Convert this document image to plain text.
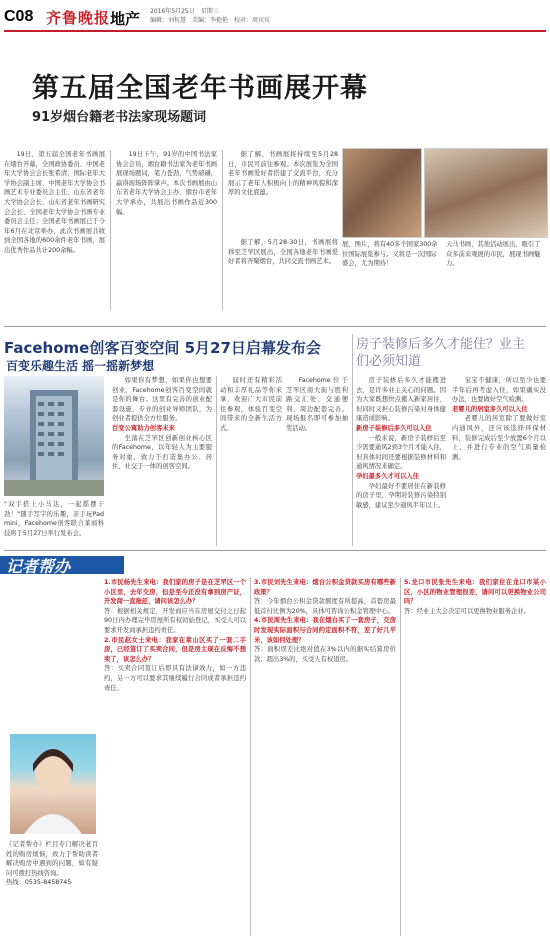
C08 齐鲁晚报 地产 2016年5月25日　星期三
编辑：刘杭慧　美编：李艳艳　校对：周宾宾
第五届全国老年书画展开幕
91岁烟台籍老书法家现场题词

19日，第五届全国老年书画展在烟台开幕，全国政协委员、中国老年大学协会会长张希清，国际老年大学协会副主席、中国老年大学协会书画艺术专业委员会主任、山东省老年大学协会会长、山东省老年书画研究会会长、全国老年大学协会书画专业委员会主任；全国老年书画展已于今年6月在北京举办，此次书画展共收到全国各地的600余件老年书画，展出优秀作品共计200余幅。

19日下午，91岁的中国书法家协会会员，烟台籍书法家为老年书画展现场题词，笔力苍劲，气势磅礴，赢得现场阵阵掌声。本次书画展由山东省老年大学协会主办，烟台市老年大学承办，共展出书画作品近300幅。

据了解，书画展将持续至5月28日，市民可前往参观。本次展览为全国老年书画爱好者搭建了交流平台，充分展示了老年人积极向上的精神风貌和深厚的文化底蕴。

据了解，5月28-30日，书画展将移至芝罘区展出，全国各地老年书画爱好者将齐聚烟台，共同交流书画艺术。

展，图片，将有40多个国家300余位国际展览参与。又将是一次国际盛会，尤为期待！
天马书画，其他活动展出，吸引了众多前来观展的市民，展现书画魅力。
Facehome创客百变空间 5月27日启幕发布会
百变乐趣生活 摇一摇新梦想
"双手搭上小马达，一起摇摆干劲！"随手写字的乐趣，亲手玩Pad mini，Facehome创客联合莱商科技将于5月27日举行发布会。

如果你有梦想，如果你也想要创业，Facehome创客百变空间就是你的舞台。这里有完善的创业配套设施，专业的创业导师团队，为创业者提供全方位服务。

百变公寓助力创客未来

坐落在芝罘区创新创业核心区的Facehome，以年轻人为主要服务对象，致力于打造集办公、居住、社交于一体的创客空间。

届时还有精彩活动和丰厚礼品等你来拿，欢迎广大市民前往参观，体验百变空间带来的全新生活方式。

Facehome位于芝罘区南大街与胜利路交汇处，交通便利，周边配套完善。现场报名即可参加抽奖活动。

房子装修后多久才能住？业主们必须知道

房子装修后多久才能搬进去，是许多业主关心的问题。因为大家既想快点搬入新家居住，但同时又担心装修污染对身体健康造成影响。

新房子装修后多久可以入住

一般来说，新房子装修后至少需要通风2到3个月才能入住，但具体时间还要根据装修材料和通风情况来确定。

孕妇最多久才可以入住

孕妇最好不要居住在新装修的房子里，孕期对装修污染特别敏感，建议至少通风半年以上。

宝宝不健康，所以至少也要半年后再考虑入住，如果确实没办法，也要做好空气检测。

老婴儿的居室多久可以入住

老婴儿的居室除了要做好室内通风外，还应该选择环保材料，装修完成后至少放置6个月以上，并进行专业的空气质量检测。

记者帮办

《记者帮办》栏目专门解决老百姓的购房烦恼，致力于帮助读者解决购房中遇到的问题，如有疑问可拨打热线咨询。

热线：0535-8458745

1.市民杨先生来电：我们家的房子是在芝罘区一个小区里，去年交房，但是至今还没有拿到房产证，开发商一直拖延，请问该怎么办？

答：根据相关规定，开发商应当在房屋交付之日起90日内办理完毕房屋所有权初始登记，买受人可以要求开发商承担违约责任。

2.市民赵女士来电：我家在莱山区买了一套二手房，已经签订了买卖合同，但是房主现在反悔不想卖了，该怎么办？

答：买卖合同签订后即具有法律效力，如一方违约，另一方可以要求其继续履行合同或者承担违约责任。

3.市民刘先生来电：烟台公积金贷款买房有哪些新政策？

答：今年烟台公积金贷款额度有所提高，首套房最低首付比例为20%，具体可咨询公积金管理中心。

4.市民周先生来电：我在烟台买了一套房子，交房时发现实际面积与合同约定面积不符，差了好几平米，该如何处理？

答：面积误差比绝对值在3%以内的据实结算房价款；超出3%的，买受人有权退房。

5.龙口市民张先生来电：我们家住在龙口市某小区，小区的物业管理很差，请问可以更换物业公司吗？

答：经业主大会决定可以更换物业服务企业。
